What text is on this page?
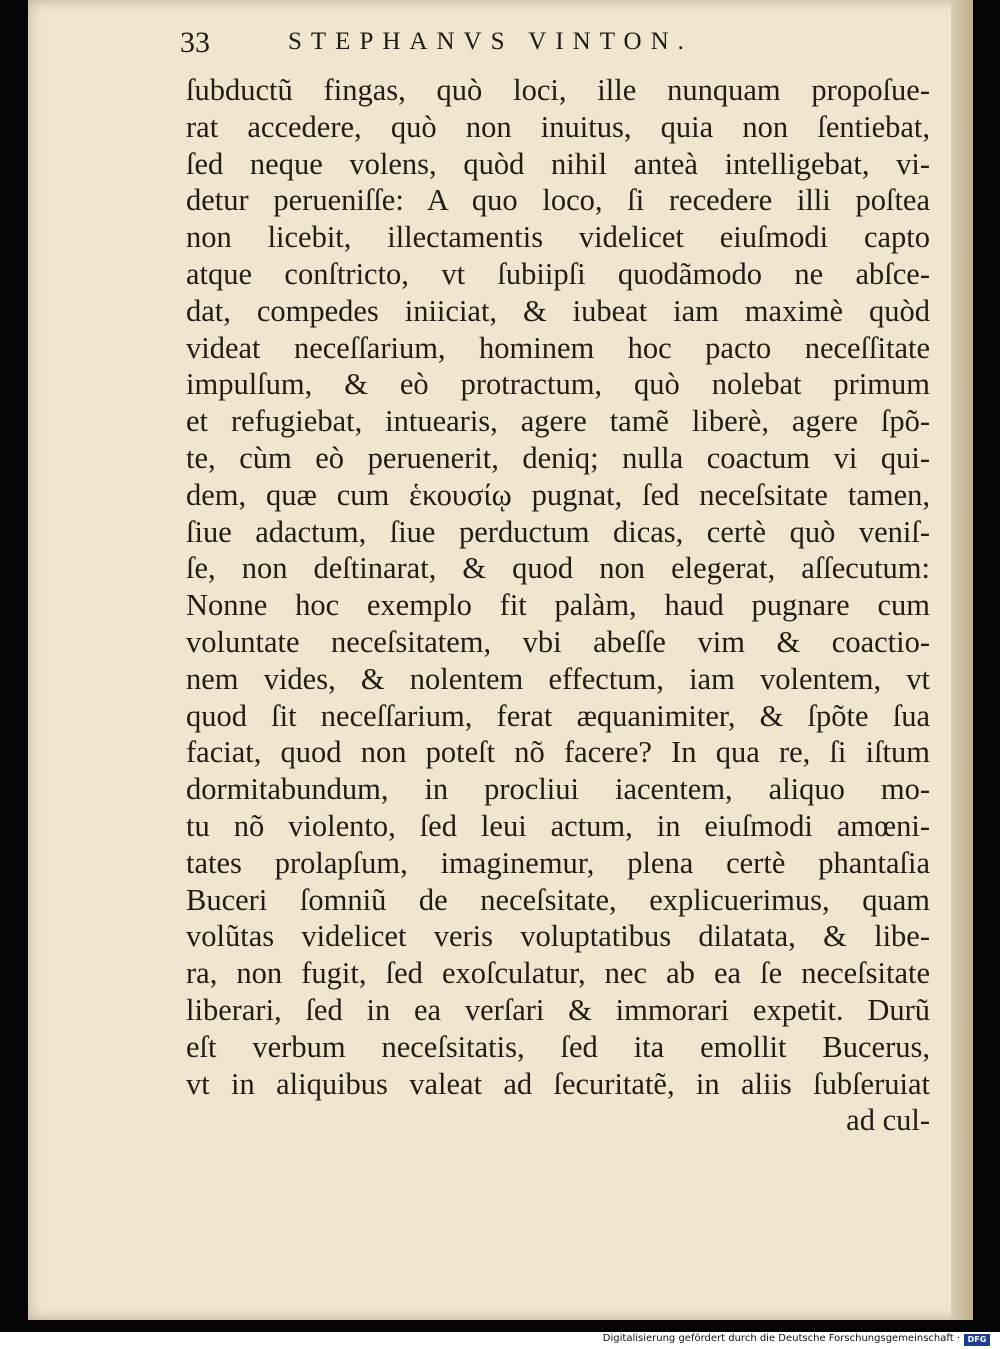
33	STEPHANVS VINTON.
ſubductũ fingas, quò loci, ille nunquam propoſue-
rat accedere, quò non inuitus, quia non ſentiebat,
ſed neque volens, quòd nihil anteà intelligebat, vi-
detur perueniſſe: A quo loco, ſi recedere illi poſtea
non licebit, illectamentis videlicet eiuſmodi capto
atque conſtricto, vt ſubiipſi quodãmodo ne abſce-
dat, compedes iniiciat, & iubeat iam maximè quòd
videat neceſſarium, hominem hoc pacto neceſſitate
impulſum, & eò protractum, quò nolebat primum
et refugiebat, intuearis, agere tamẽ liberè, agere ſpõ-
te, cùm eò peruenerit, deniq; nulla coactum vi qui-
dem, quæ cum ἑκουσίῳ pugnat, ſed neceſsitate tamen,
ſiue adactum, ſiue perductum dicas, certè quò veniſ-
ſe, non deſtinarat, & quod non elegerat, aſſecutum:
Nonne hoc exemplo fit palàm, haud pugnare cum
voluntate neceſsitatem, vbi abeſſe vim & coactio-
nem vides, & nolentem effectum, iam volentem, vt
quod ſit neceſſarium, ferat æquanimiter, & ſpõte ſua
faciat, quod non poteſt nõ facere? In qua re, ſi iſtum
dormitabundum, in procliui iacentem, aliquo mo-
tu nõ violento, ſed leui actum, in eiuſmodi amœni-
tates prolapſum, imaginemur, plena certè phantaſia
Buceri ſomniũ de neceſsitate, explicuerimus, quam
volũtas videlicet veris voluptatibus dilatata, & libe-
ra, non fugit, ſed exoſculatur, nec ab ea ſe neceſsitate
liberari, ſed in ea verſari & immorari expetit. Durũ
eſt verbum neceſsitatis, ſed ita emollit Bucerus,
vt in aliquibus valeat ad ſecuritatẽ, in aliis ſubſeruiat
ad cul-
Digitalisierung gefördert durch die Deutsche Forschungsgemeinschaft · DFG
